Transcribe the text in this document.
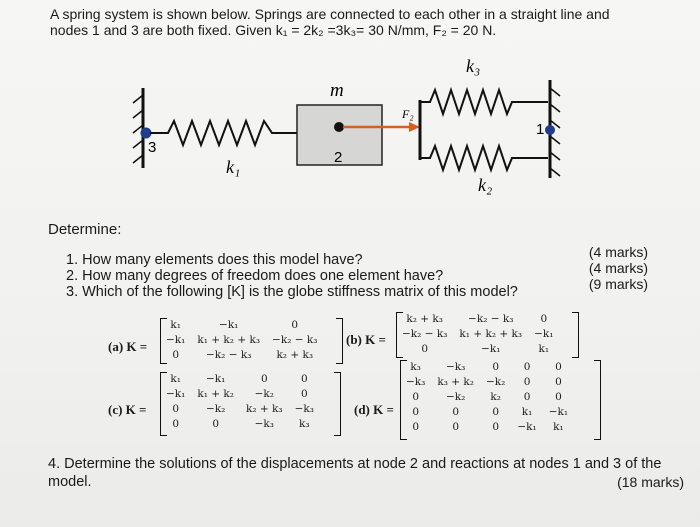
A spring system is shown below. Springs are connected to each other in a straight line and
nodes 1 and 3 are both fixed. Given k₁ = 2k₂ =3k₃= 30 N/mm, F₂ = 20 N.
3
k₁	2
m
F₂
k₃
k₂
1
Determine:
1. How many elements does this model have?
2. How many degrees of freedom does one element have?
3. Which of the following [K] is the globe stiffness matrix of this model?
(4 marks)
(4 marks)
(9 marks)
(a) K =
k₁	−k₁	0
−k₁	k₁ + k₂ + k₃	−k₂ − k₃
0	−k₂ − k₃	k₂ + k₃
(b) K =
k₂ + k₃	−k₂ − k₃	0
−k₂ − k₃	k₁ + k₂ + k₃	−k₁
0	−k₁	k₁
(c) K =
k₁	−k₁	0	0
−k₁	k₁ + k₂	−k₂	0
0	−k₂	k₂ + k₃	−k₃
0	0	−k₃	k₃
(d) K =
k₃	−k₃	0	0	0
−k₃	k₃ + k₂	−k₂	0	0
0	−k₂	k₂	0	0
0	0	0	k₁	−k₁
0	0	0	−k₁	k₁
4. Determine the solutions of the displacements at node 2 and reactions at nodes 1 and 3 of the model.	(18 marks)
